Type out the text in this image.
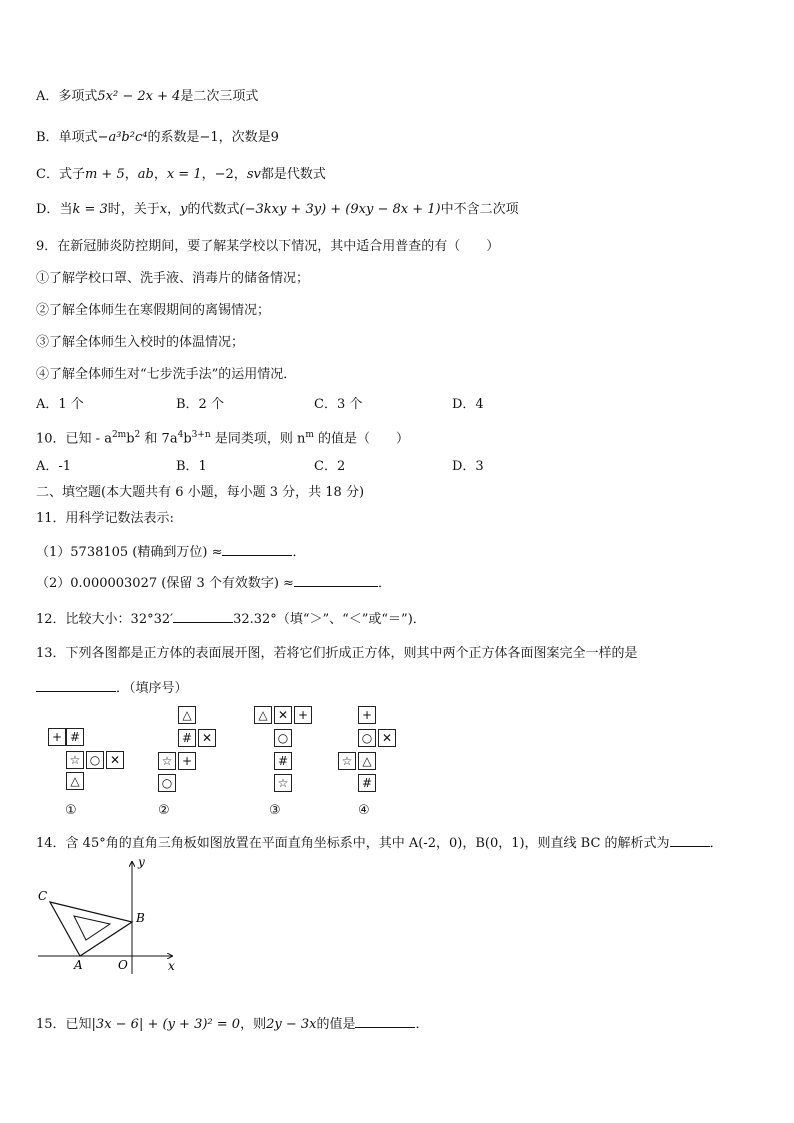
A．多项式5x² − 2x + 4是二次三项式
B．单项式−a³b²c⁴的系数是−1，次数是9
C．式子m + 5，ab，x = 1，−2，sv都是代数式
D．当k = 3时，关于x，y的代数式(−3kxy + 3y) + (9xy − 8x + 1)中不含二次项
9．在新冠肺炎防控期间，要了解某学校以下情况，其中适合用普查的有（　　）
①了解学校口罩、洗手液、消毒片的储备情况；
②了解全体师生在寒假期间的离锡情况；
③了解全体师生入校时的体温情况；
④了解全体师生对“七步洗手法”的运用情况．
A．1 个	B．2 个	C．3 个	D．4
10．已知 - $a^{2m}b^2$ 和 $7a^4b^{3+n}$ 是同类项，则 $n^m$ 的值是（　　）
A．-1	B．1	C．2	D．3
二、填空题(本大题共有 6 小题，每小题 3 分，共 18 分)
11．用科学记数法表示:
（1）5738105 (精确到万位) ≈	．
（2）0.000003027 (保留 3 个有效数字) ≈	．
12．比较大小：32°32′	32.32°（填“＞”、“＜”或“＝”)．
13．下列各图都是正方体的表面展开图，若将它们折成正方体，则其中两个正方体各面图案完全一样的是
．（填序号）
+ #
☆ ○ ✕
△
①
△
# ✕
☆ +
○
②
△ ✕ +
○
#
☆
③
+
○ ✕
☆ △
#
④
14．含 45°角的直角三角板如图放置在平面直角坐标系中，其中 A(-2，0)，B(0，1)，则直线 BC 的解析式为	．
C
B
A	O	x
y
15．已知|3x − 6| + (y + 3)² = 0，则2y − 3x的值是	．
